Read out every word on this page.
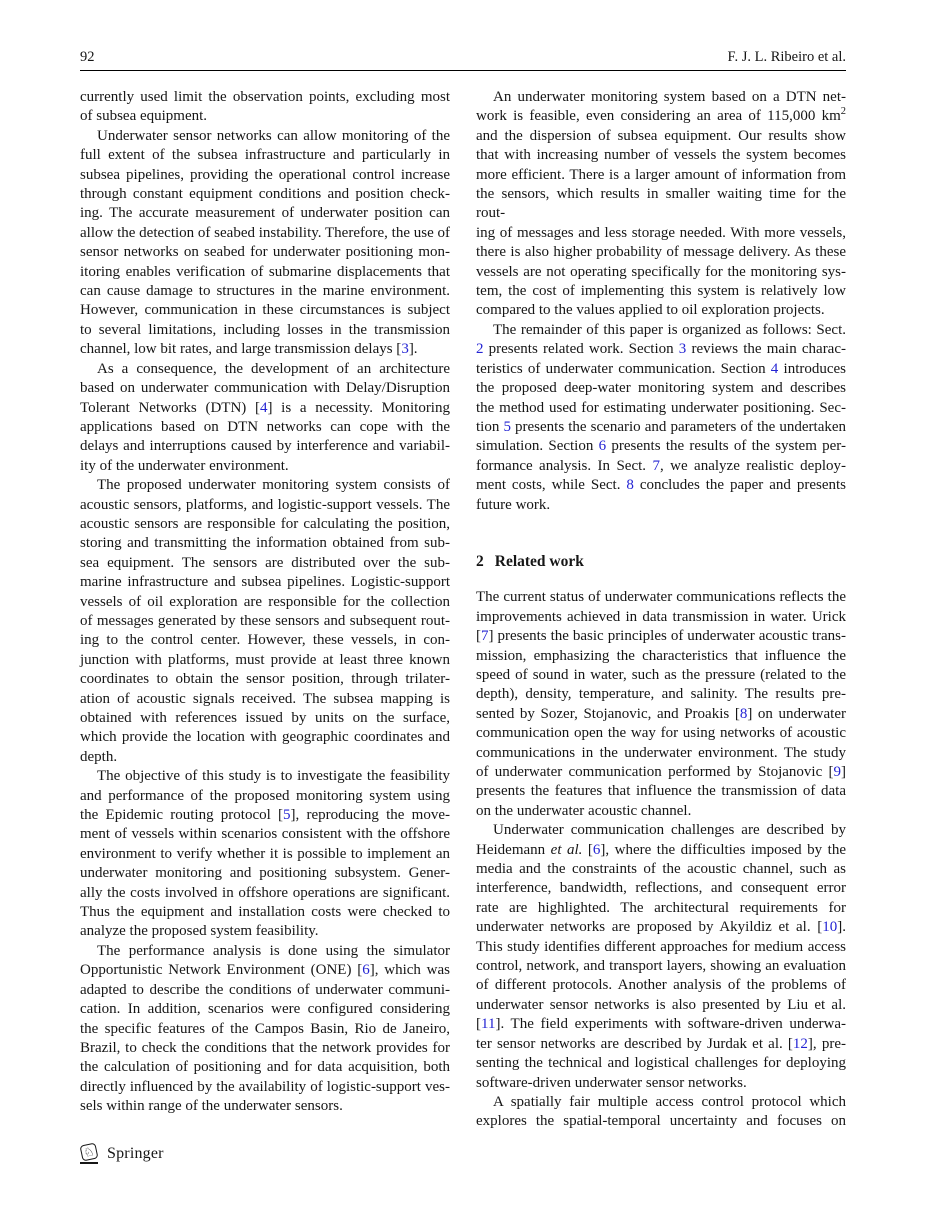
92	F. J. L. Ribeiro et al.
currently used limit the observation points, excluding most
of subsea equipment.
Underwater sensor networks can allow monitoring of the
full extent of the subsea infrastructure and particularly in
subsea pipelines, providing the operational control increase
through constant equipment conditions and position check-
ing. The accurate measurement of underwater position can
allow the detection of seabed instability. Therefore, the use of
sensor networks on seabed for underwater positioning mon-
itoring enables verification of submarine displacements that
can cause damage to structures in the marine environment.
However, communication in these circumstances is subject
to several limitations, including losses in the transmission
channel, low bit rates, and large transmission delays [3].
As a consequence, the development of an architecture
based on underwater communication with Delay/Disruption
Tolerant Networks (DTN) [4] is a necessity. Monitoring
applications based on DTN networks can cope with the
delays and interruptions caused by interference and variabil-
ity of the underwater environment.
The proposed underwater monitoring system consists of
acoustic sensors, platforms, and logistic-support vessels. The
acoustic sensors are responsible for calculating the position,
storing and transmitting the information obtained from sub-
sea equipment. The sensors are distributed over the sub-
marine infrastructure and subsea pipelines. Logistic-support
vessels of oil exploration are responsible for the collection
of messages generated by these sensors and subsequent rout-
ing to the control center. However, these vessels, in con-
junction with platforms, must provide at least three known
coordinates to obtain the sensor position, through trilater-
ation of acoustic signals received. The subsea mapping is
obtained with references issued by units on the surface,
which provide the location with geographic coordinates and
depth.
The objective of this study is to investigate the feasibility
and performance of the proposed monitoring system using
the Epidemic routing protocol [5], reproducing the move-
ment of vessels within scenarios consistent with the offshore
environment to verify whether it is possible to implement an
underwater monitoring and positioning subsystem. Gener-
ally the costs involved in offshore operations are significant.
Thus the equipment and installation costs were checked to
analyze the proposed system feasibility.
The performance analysis is done using the simulator
Opportunistic Network Environment (ONE) [6], which was
adapted to describe the conditions of underwater communi-
cation. In addition, scenarios were configured considering
the specific features of the Campos Basin, Rio de Janeiro,
Brazil, to check the conditions that the network provides for
the calculation of positioning and for data acquisition, both
directly influenced by the availability of logistic-support ves-
sels within range of the underwater sensors.
An underwater monitoring system based on a DTN net-
work is feasible, even considering an area of 115,000 $km^2$
and the dispersion of subsea equipment. Our results show
that with increasing number of vessels the system becomes
more efficient. There is a larger amount of information from
the sensors, which results in smaller waiting time for the rout-
ing of messages and less storage needed. With more vessels,
there is also higher probability of message delivery. As these
vessels are not operating specifically for the monitoring sys-
tem, the cost of implementing this system is relatively low
compared to the values applied to oil exploration projects.
The remainder of this paper is organized as follows: Sect.
2 presents related work. Section 3 reviews the main charac-
teristics of underwater communication. Section 4 introduces
the proposed deep-water monitoring system and describes
the method used for estimating underwater positioning. Sec-
tion 5 presents the scenario and parameters of the undertaken
simulation. Section 6 presents the results of the system per-
formance analysis. In Sect. 7, we analyze realistic deploy-
ment costs, while Sect. 8 concludes the paper and presents
future work.
2 Related work
The current status of underwater communications reflects the
improvements achieved in data transmission in water. Urick
[7] presents the basic principles of underwater acoustic trans-
mission, emphasizing the characteristics that influence the
speed of sound in water, such as the pressure (related to the
depth), density, temperature, and salinity. The results pre-
sented by Sozer, Stojanovic, and Proakis [8] on underwater
communication open the way for using networks of acoustic
communications in the underwater environment. The study
of underwater communication performed by Stojanovic [9]
presents the features that influence the transmission of data
on the underwater acoustic channel.
Underwater communication challenges are described by
Heidemann et al. [6], where the difficulties imposed by the
media and the constraints of the acoustic channel, such as
interference, bandwidth, reflections, and consequent error
rate are highlighted. The architectural requirements for
underwater networks are proposed by Akyildiz et al. [10].
This study identifies different approaches for medium access
control, network, and transport layers, showing an evaluation
of different protocols. Another analysis of the problems of
underwater sensor networks is also presented by Liu et al.
[11]. The field experiments with software-driven underwa-
ter sensor networks are described by Jurdak et al. [12], pre-
senting the technical and logistical challenges for deploying
software-driven underwater sensor networks.
A spatially fair multiple access control protocol which
explores the spatial-temporal uncertainty and focuses on
♘ Springer
